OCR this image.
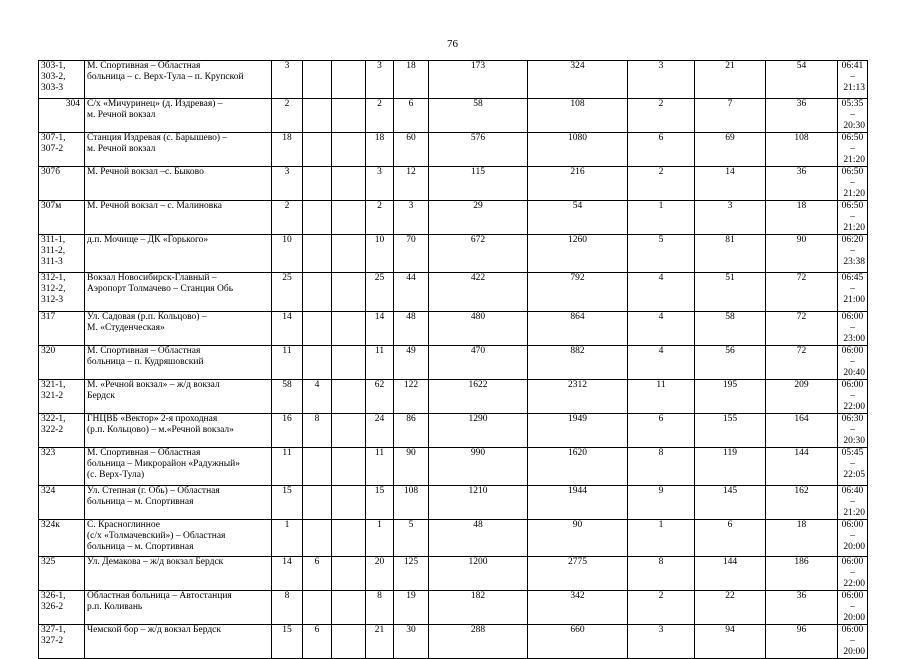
76
303-1,
303-2,
303-3	М. Спортивная – Областная
больница – с. Верх-Тула – п. Крупской	3			3	18	173	324	3	21	54	06:41 –
21:13

304	С/х «Мичуринец» (д. Издревая) –
м. Речной вокзал	2			2	6	58	108	2	7	36	05:35 –
20:30

307-1,
307-2	Станция Издревая (с. Барышево) –
м. Речной вокзал	18			18	60	576	1080	6	69	108	06:50 –
21:20

307б	М. Речной вокзал –с. Быково	3			3	12	115	216	2	14	36	06:50 –
21:20

307м	М. Речной вокзал – с. Малиновка	2			2	3	29	54	1	3	18	06:50 –
21:20

311-1,
311-2,
311-3	д.п. Мочище – ДК «Горького»	10			10	70	672	1260	5	81	90	06:20 –
23:38

312-1,
312-2,
312-3	Вокзал Новосибирск-Главный –
Аэропорт Толмачево – Станция Обь	25			25	44	422	792	4	51	72	06:45 –
21:00

317	Ул. Садовая (р.п. Кольцово) –
М. «Студенческая»	14			14	48	480	864	4	58	72	06:00 –
23:00

320	М. Спортивная – Областная
больница – п. Кудряшовский	11			11	49	470	882	4	56	72	06:00 –
20:40

321-1,
321-2	М. «Речной вокзал» – ж/д вокзал
Бердск	58	4		62	122	1622	2312	11	195	209	06:00 –
22:00

322-1,
322-2	ГНЦВБ «Вектор» 2-я проходная
(р.п. Кольцово) – м.«Речной вокзал»	16	8		24	86	1290	1949	6	155	164	06:30 –
20:30

323	М. Спортивная – Областная
больница – Микрорайон «Радужный»
(с. Верх-Тула)	11			11	90	990	1620	8	119	144	05:45 –
22:05

324	Ул. Степная (г. Обь) – Областная
больница – м. Спортивная	15			15	108	1210	1944	9	145	162	06:40 –
21:20

324к	С. Красноглинное
(с/х «Толмачевский») – Областная
больница – м. Спортивная	1			1	5	48	90	1	6	18	06:00 –
20:00

325	Ул. Демакова – ж/д вокзал Бердск	14	6		20	125	1200	2775	8	144	186	06:00 –
22:00

326-1,
326-2	Областная больница – Автостанция
р.п. Коливань	8			8	19	182	342	2	22	36	06:00 –
20:00

327-1,
327-2	Чемской бор – ж/д вокзал Бердск	15	6		21	30	288	660	3	94	96	06:00 –
20:00
